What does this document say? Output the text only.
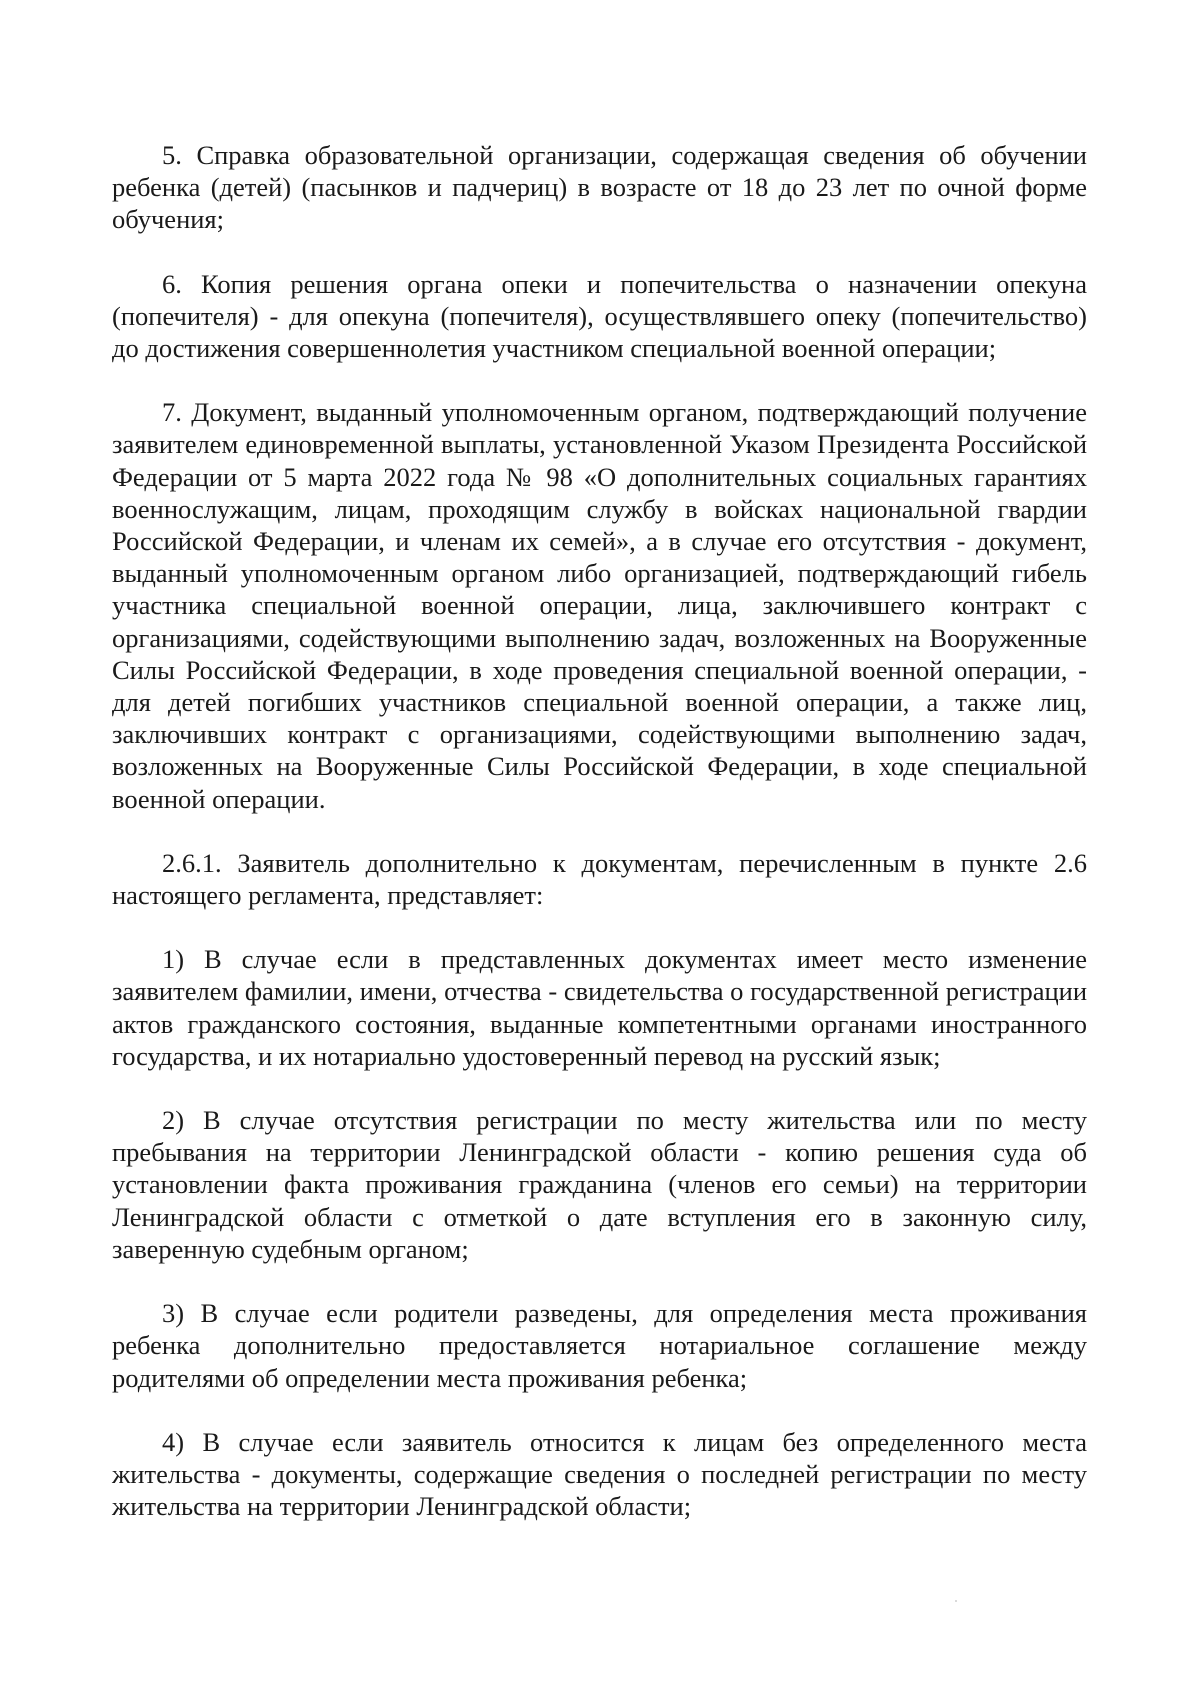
5. Справка образовательной организации, содержащая сведения об обучении ребенка (детей) (пасынков и падчериц) в возрасте от 18 до 23 лет по очной форме обучения;

6. Копия решения органа опеки и попечительства о назначении опекуна (попечителя) - для опекуна (попечителя), осуществлявшего опеку (попечительство) до достижения совершеннолетия участником специальной военной операции;

7. Документ, выданный уполномоченным органом, подтверждающий получение заявителем единовременной выплаты, установленной Указом Президента Российской Федерации от 5 марта 2022 года № 98 «О дополнительных социальных гарантиях военнослужащим, лицам, проходящим службу в войсках национальной гвардии Российской Федерации, и членам их семей», а в случае его отсутствия - документ, выданный уполномоченным органом либо организацией, подтверждающий гибель участника специальной военной операции, лица, заключившего контракт с организациями, содействующими выполнению задач, возложенных на Вооруженные Силы Российской Федерации, в ходе проведения специальной военной операции, - для детей погибших участников специальной военной операции, а также лиц, заключивших контракт с организациями, содействующими выполнению задач, возложенных на Вооруженные Силы Российской Федерации, в ходе специальной военной операции.

2.6.1. Заявитель дополнительно к документам, перечисленным в пункте 2.6 настоящего регламента, представляет:

1) В случае если в представленных документах имеет место изменение заявителем фамилии, имени, отчества - свидетельства о государственной регистрации актов гражданского состояния, выданные компетентными органами иностранного государства, и их нотариально удостоверенный перевод на русский язык;

2) В случае отсутствия регистрации по месту жительства или по месту пребывания на территории Ленинградской области - копию решения суда об установлении факта проживания гражданина (членов его семьи) на территории Ленинградской области с отметкой о дате вступления его в законную силу, заверенную судебным органом;

3) В случае если родители разведены, для определения места проживания ребенка дополнительно предоставляется нотариальное соглашение между родителями об определении места проживания ребенка;

4) В случае если заявитель относится к лицам без определенного места жительства - документы, содержащие сведения о последней регистрации по месту жительства на территории Ленинградской области;
